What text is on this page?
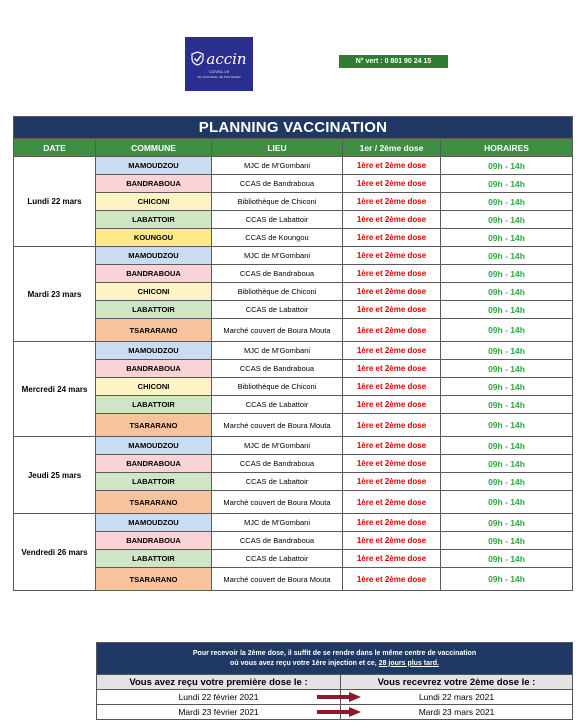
accin
COVID-19
SE VACCINER, SE PROTÉGER
N° vert : 0 801 90 24 15
PLANNING VACCINATION				
DATE	COMMUNE	LIEU	1er / 2ème dose	HORAIRES
Lundi 22 mars	MAMOUDZOU	MJC de M'Gombani	1ère et 2ème dose	09h - 14h
	BANDRABOUA	CCAS de Bandraboua	1ère et 2ème dose	09h - 14h
	CHICONI	Bibliothèque de Chiconi	1ère et 2ème dose	09h - 14h
	LABATTOIR	CCAS de Labattoir	1ère et 2ème dose	09h - 14h
	KOUNGOU	CCAS de Koungou	1ère et 2ème dose	09h - 14h
Mardi 23 mars	MAMOUDZOU	MJC de M'Gombani	1ère et 2ème dose	09h - 14h
	BANDRABOUA	CCAS de Bandraboua	1ère et 2ème dose	09h - 14h
	CHICONI	Bibliothèque de Chiconi	1ère et 2ème dose	09h - 14h
	LABATTOIR	CCAS de Labattoir	1ère et 2ème dose	09h - 14h
	TSARARANO	Marché couvert de Boura Mouta	1ère et 2ème dose	09h - 14h
Mercredi 24 mars	MAMOUDZOU	MJC de M'Gombani	1ère et 2ème dose	09h - 14h
	BANDRABOUA	CCAS de Bandraboua	1ère et 2ème dose	09h - 14h
	CHICONI	Bibliothèque de Chiconi	1ère et 2ème dose	09h - 14h
	LABATTOIR	CCAS de Labattoir	1ère et 2ème dose	09h - 14h
	TSARARANO	Marché couvert de Boura Mouta	1ère et 2ème dose	09h - 14h
Jeudi 25 mars	MAMOUDZOU	MJC de M'Gombani	1ère et 2ème dose	09h - 14h
	BANDRABOUA	CCAS de Bandraboua	1ère et 2ème dose	09h - 14h
	LABATTOIR	CCAS de Labattoir	1ère et 2ème dose	09h - 14h
	TSARARANO	Marché couvert de Boura Mouta	1ère et 2ème dose	09h - 14h
Vendredi 26 mars	MAMOUDZOU	MJC de M'Gombani	1ère et 2ème dose	09h - 14h
	BANDRABOUA	CCAS de Bandraboua	1ère et 2ème dose	09h - 14h
	LABATTOIR	CCAS de Labattoir	1ère et 2ème dose	09h - 14h
	TSARARANO	Marché couvert de Boura Mouta	1ère et 2ème dose	09h - 14h
Pour recevoir la 2ème dose, il suffit de se rendre dans le même centre de vaccination
où vous avez reçu votre 1ère injection et ce, 28 jours plus tard.	
Vous avez reçu votre première dose le :	Vous recevrez votre 2ème dose le :
Lundi 22 février 2021	Lundi 22 mars 2021
Mardi 23 février 2021	Mardi 23 mars 2021
